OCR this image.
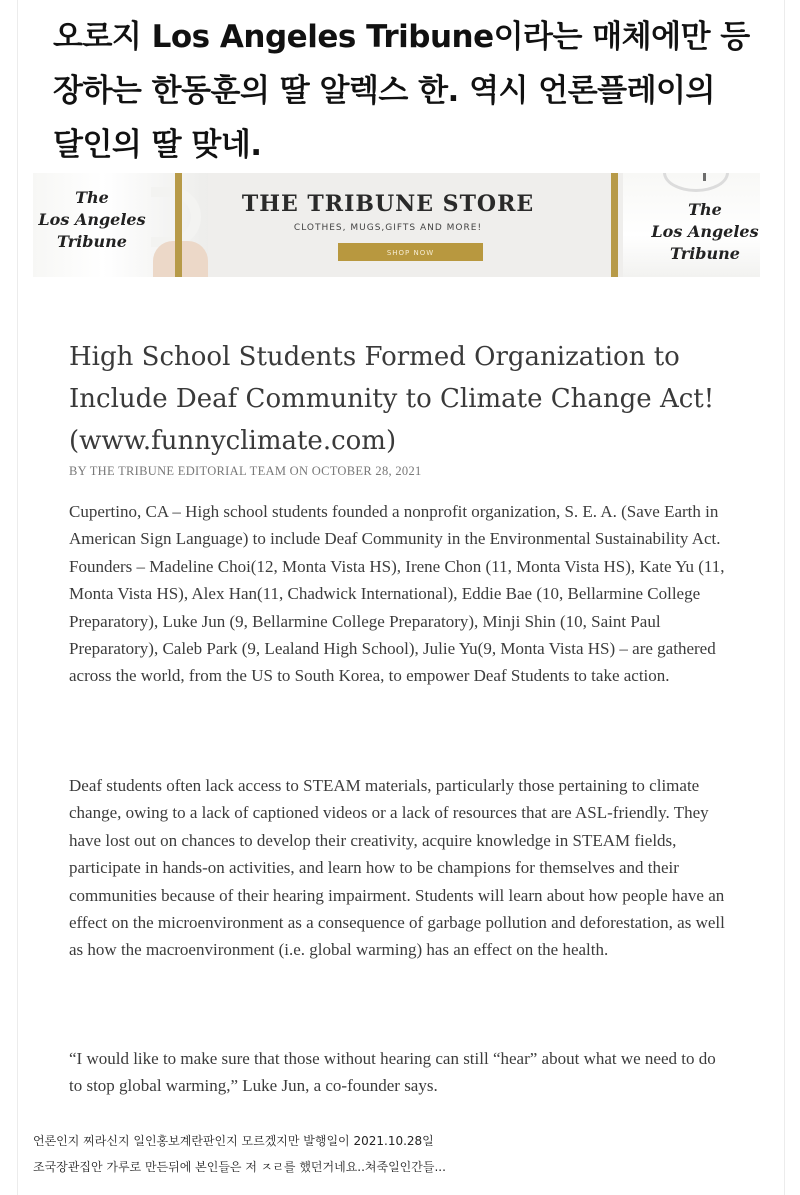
오로지 Los Angeles Tribune이라는 매체에만 등장하는 한동훈의 딸 알렉스 한. 역시 언론플레이의 달인의 딸 맞네.
The
Los Angeles
Tribune
THE TRIBUNE STORE
CLOTHES, MUGS,GIFTS AND MORE!
SHOP NOW
The
Los Angeles
Tribune
High School Students Formed Organization to Include Deaf Community to Climate Change Act! (www.funnyclimate.com)
BY THE TRIBUNE EDITORIAL TEAM ON OCTOBER 28, 2021

Cupertino, CA – High school students founded a nonprofit organization, S. E. A. (Save Earth in American Sign Language) to include Deaf Community in the Environmental Sustainability Act. Founders – Madeline Choi(12, Monta Vista HS), Irene Chon (11, Monta Vista HS), Kate Yu (11, Monta Vista HS), Alex Han(11, Chadwick International), Eddie Bae (10, Bellarmine College Preparatory), Luke Jun (9, Bellarmine College Preparatory), Minji Shin (10, Saint Paul Preparatory), Caleb Park (9, Lealand High School), Julie Yu(9, Monta Vista HS) – are gathered across the world, from the US to South Korea, to empower Deaf Students to take action.

Deaf students often lack access to STEAM materials, particularly those pertaining to climate change, owing to a lack of captioned videos or a lack of resources that are ASL-friendly. They have lost out on chances to develop their creativity, acquire knowledge in STEAM fields, participate in hands-on activities, and learn how to be champions for themselves and their communities because of their hearing impairment. Students will learn about how people have an effect on the microenvironment as a consequence of garbage pollution and deforestation, as well as how the macroenvironment (i.e. global warming) has an effect on the health.

“I would like to make sure that those without hearing can still “hear” about what we need to do to stop global warming,” Luke Jun, a co-founder says.

언론인지 찌라신지 일인홍보계란판인지 모르겠지만 발행일이 2021.10.28일
조국장관집안 가루로 만든뒤에 본인들은 저 ㅈㄹ를 했던거네요..쳐죽일인간들...
